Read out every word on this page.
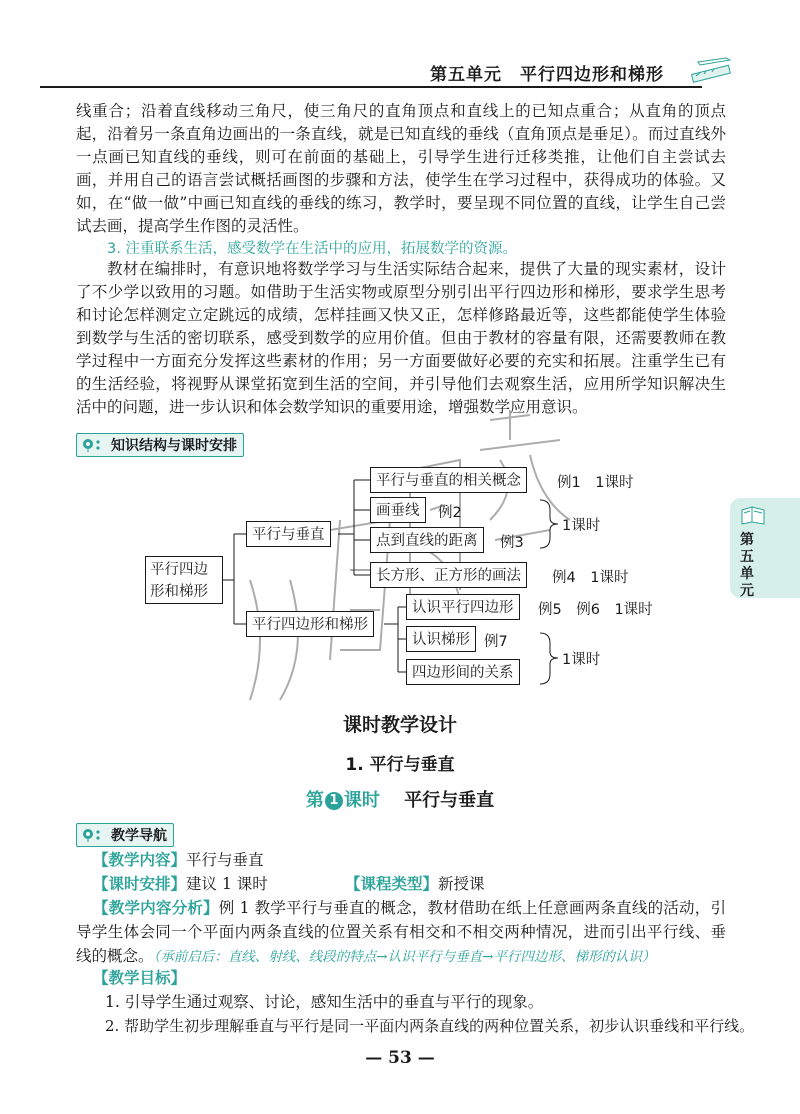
第五单元　平行四边形和梯形
第五单元
线重合；沿着直线移动三角尺，使三角尺的直角顶点和直线上的已知点重合；从直角的顶点起，沿着另一条直角边画出的一条直线，就是已知直线的垂线（直角顶点是垂足）。而过直线外一点画已知直线的垂线，则可在前面的基础上，引导学生进行迁移类推，让他们自主尝试去画，并用自己的语言尝试概括画图的步骤和方法，使学生在学习过程中，获得成功的体验。又如，在“做一做”中画已知直线的垂线的练习，教学时，要呈现不同位置的直线，让学生自己尝试去画，提高学生作图的灵活性。
3. 注重联系生活，感受数学在生活中的应用，拓展数学的资源。
教材在编排时，有意识地将数学学习与生活实际结合起来，提供了大量的现实素材，设计了不少学以致用的习题。如借助于生活实物或原型分别引出平行四边形和梯形，要求学生思考和讨论怎样测定立定跳远的成绩，怎样挂画又快又正，怎样修路最近等，这些都能使学生体验到数学与生活的密切联系，感受到数学的应用价值。但由于教材的容量有限，还需要教师在教学过程中一方面充分发挥这些素材的作用；另一方面要做好必要的充实和拓展。注重学生已有的生活经验，将视野从课堂拓宽到生活的空间，并引导他们去观察生活，应用所学知识解决生活中的问题，进一步认识和体会数学知识的重要用途，增强数学应用意识。
知识结构与课时安排
平行四边形和梯形
平行与垂直
平行四边形和梯形
平行与垂直的相关概念	例1　1课时
画垂线	例2
点到直线的距离	例3
1课时
长方形、正方形的画法	例4　1课时
认识平行四边形	例5　例6　1课时
认识梯形 例7
四边形间的关系
1课时
课时教学设计
1. 平行与垂直
第 1 课时 平行与垂直
教学导航
【教学内容】平行与垂直
【课时安排】建议 1 课时	【课程类型】新授课
【教学内容分析】例 1 教学平行与垂直的概念，教材借助在纸上任意画两条直线的活动，引导学生体会同一个平面内两条直线的位置关系有相交和不相交两种情况，进而引出平行线、垂线的概念。（承前启后：直线、射线、线段的特点→认识平行与垂直→平行四边形、梯形的认识）
【教学目标】
1. 引导学生通过观察、讨论，感知生活中的垂直与平行的现象。
2. 帮助学生初步理解垂直与平行是同一平面内两条直线的两种位置关系，初步认识垂线和平行线。
— 53 —
